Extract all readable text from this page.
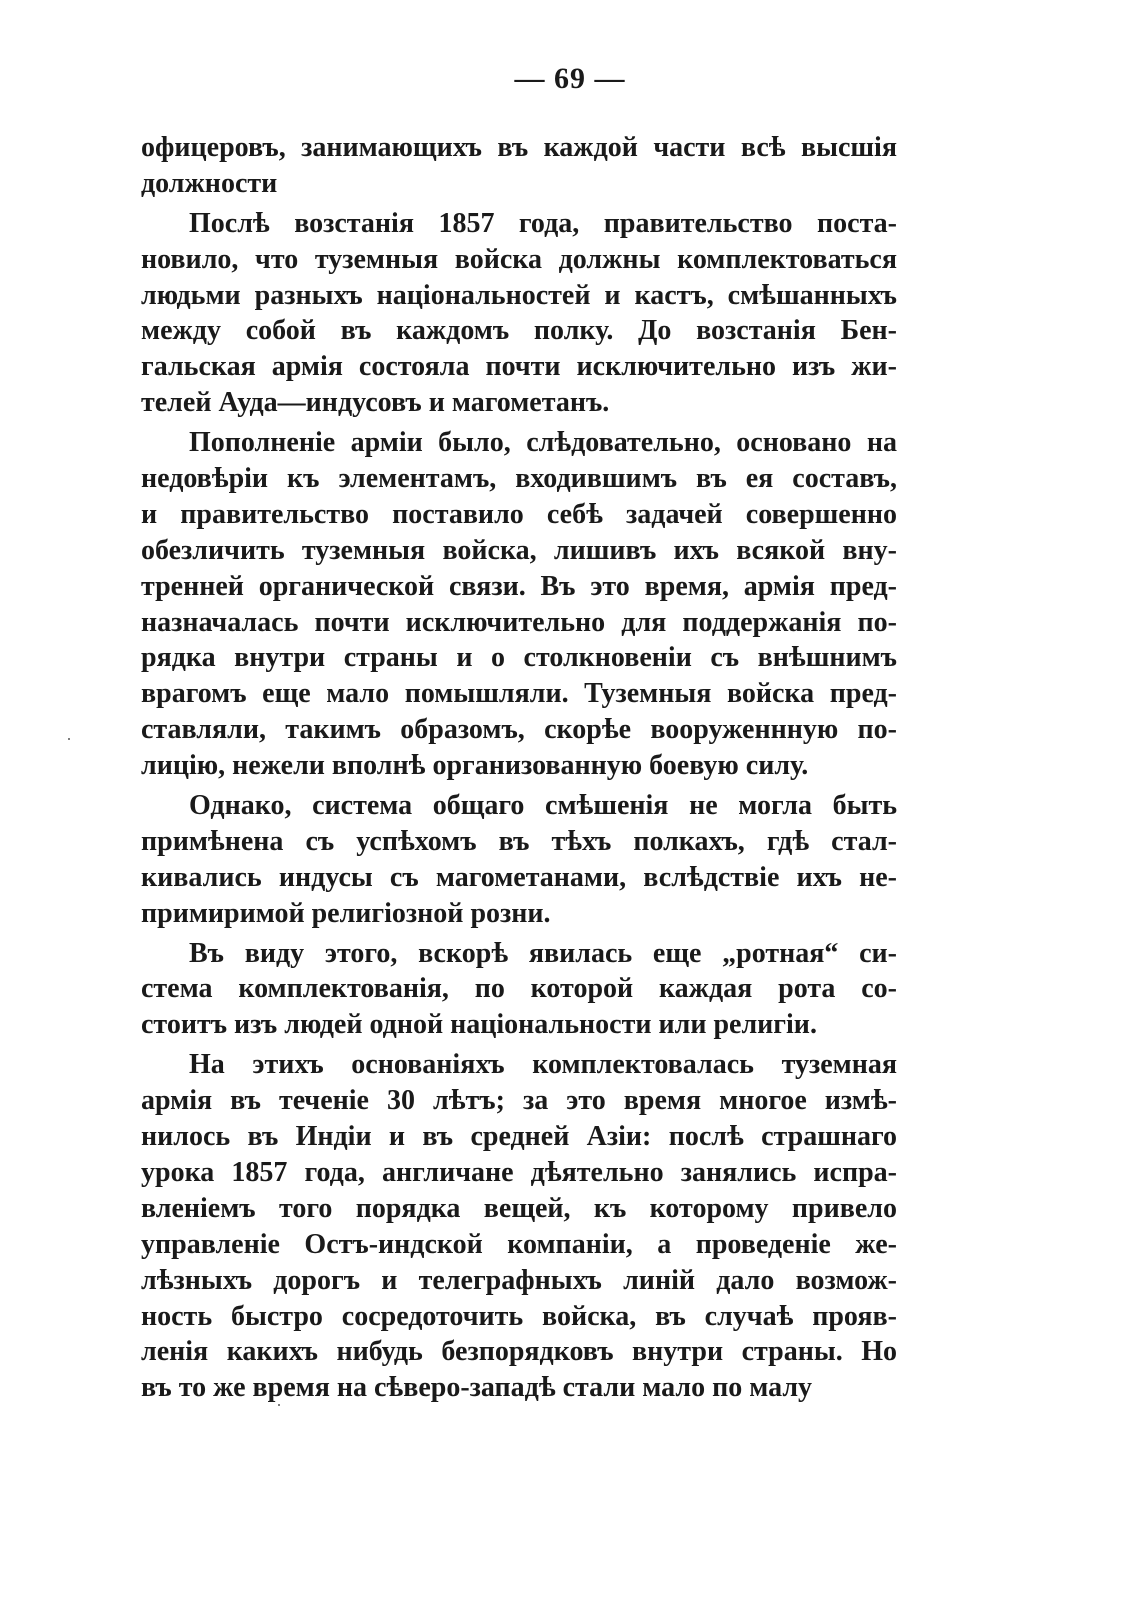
— 69 —
офицеровъ, занимающихъ въ каждой части всѣ высшія
должности
Послѣ возстанія 1857 года, правительство поста-
новило, что туземныя войска должны комплектоваться
людьми разныхъ національностей и кастъ, смѣшанныхъ
между собой въ каждомъ полку. До возстанія Бен-
гальская армія состояла почти исключительно изъ жи-
телей Ауда—индусовъ и магометанъ.
Пополненіе арміи было, слѣдовательно, основано на
недовѣріи къ элементамъ, входившимъ въ ея составъ,
и правительство поставило себѣ задачей совершенно
обезличить туземныя войска, лишивъ ихъ всякой вну-
тренней органической связи. Въ это время, армія пред-
назначалась почти исключительно для поддержанія по-
рядка внутри страны и о столкновеніи съ внѣшнимъ
врагомъ еще мало помышляли. Туземныя войска пред-
ставляли, такимъ образомъ, скорѣе вооруженнную по-
лицію, нежели вполнѣ организованную боевую силу.
Однако, система общаго смѣшенія не могла быть
примѣнена съ успѣхомъ въ тѣхъ полкахъ, гдѣ стал-
кивались индусы съ магометанами, вслѣдствіе ихъ не-
примиримой религіозной розни.
Въ виду этого, вскорѣ явилась еще „ротная“ си-
стема комплектованія, по которой каждая рота со-
стоитъ изъ людей одной національности или религіи.
На этихъ основаніяхъ комплектовалась туземная
армія въ теченіе 30 лѣтъ; за это время многое измѣ-
нилось въ Индіи и въ средней Азіи: послѣ страшнаго
урока 1857 года, англичане дѣятельно занялись испра-
вленіемъ того порядка вещей, къ которому привело
управленіе Остъ-индской компаніи, а проведеніе же-
лѣзныхъ дорогъ и телеграфныхъ линій дало возмож-
ность быстро сосредоточить войска, въ случаѣ прояв-
ленія какихъ нибудь безпорядковъ внутри страны. Но
въ то же время на сѣверо-западѣ стали мало по малу
